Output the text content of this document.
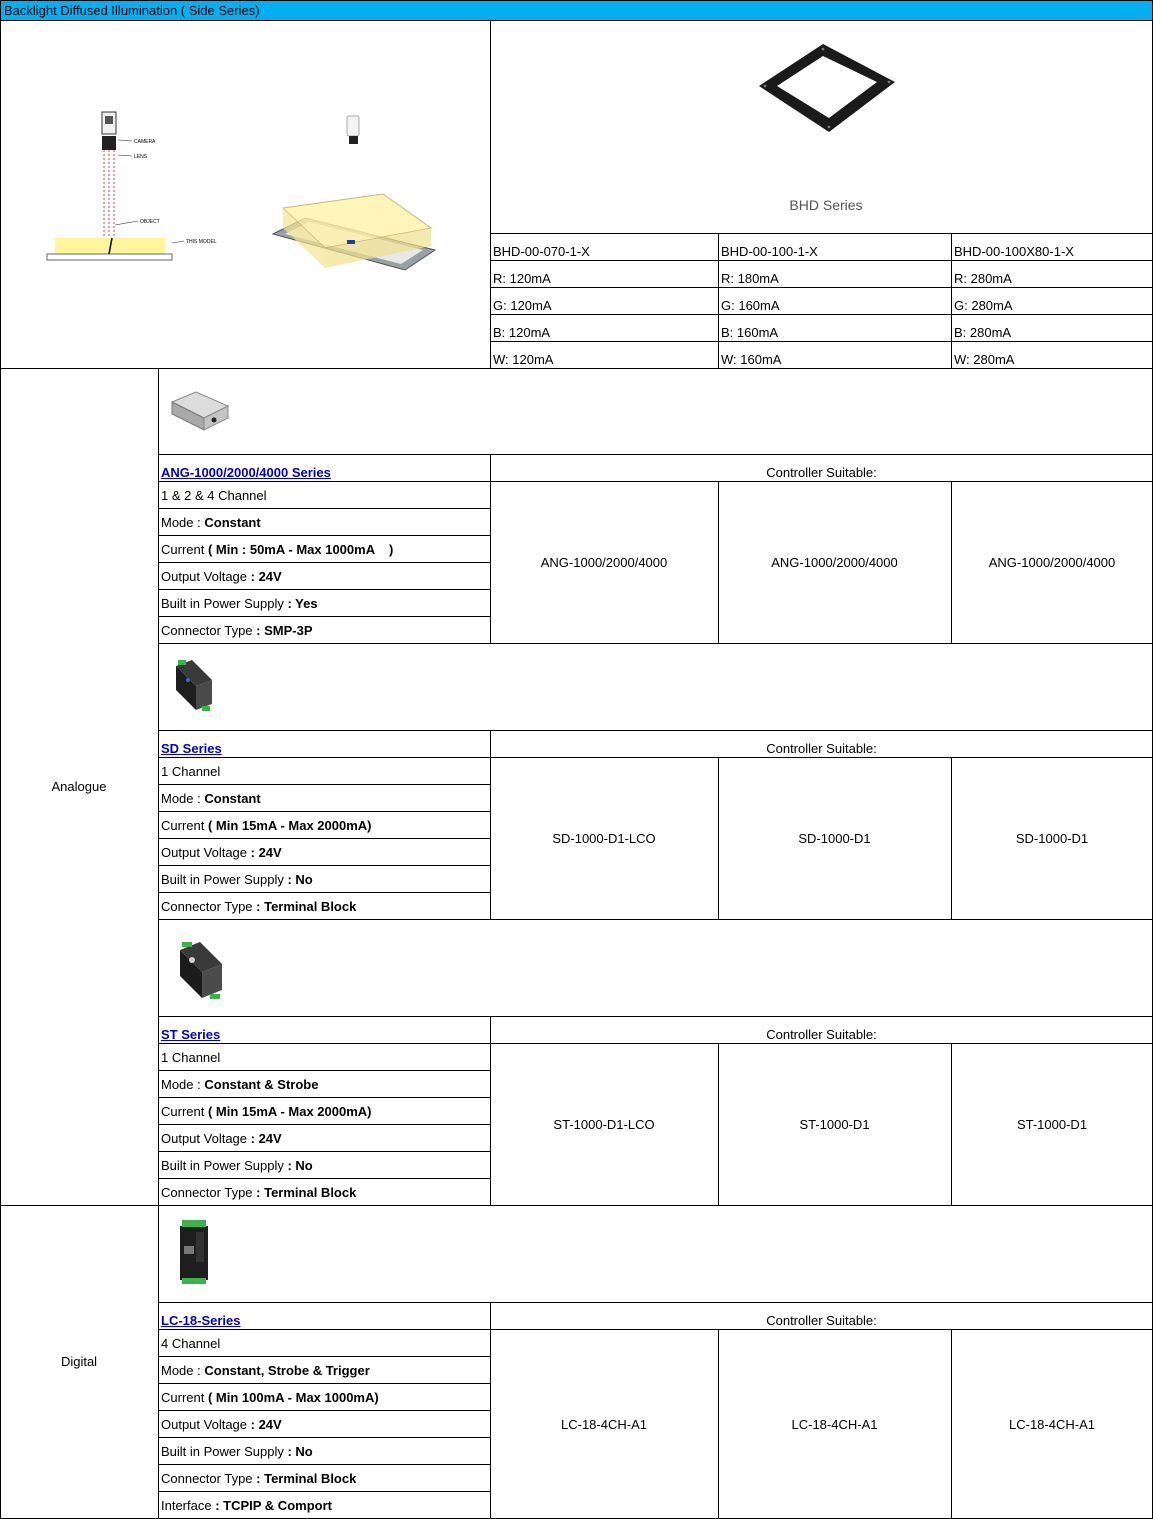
Backlight Diffused Illumination ( Side Series)
CAMERA
LENS
OBJECT
THIS MODEL
BHD Series
BHD-00-070-1-X	BHD-00-100-1-X	BHD-00-100X80-1-X
R: 120mA	R: 180mA	R: 280mA
G: 120mA	G: 160mA	G: 280mA
B: 120mA	B: 160mA	B: 280mA
W: 120mA	W: 160mA	W: 280mA
Analogue
Digital
ANG-1000/2000/4000 Series	Controller Suitable:
1 & 2 & 4 Channel
Mode : Constant
Current ( Min : 50mA - Max 1000mA    )
Output Voltage : 24V
Built in Power Supply : Yes
Connector Type : SMP-3P
ANG-1000/2000/4000	ANG-1000/2000/4000	ANG-1000/2000/4000
SD Series	Controller Suitable:
1 Channel
Mode : Constant
Current ( Min 15mA - Max 2000mA)
Output Voltage : 24V
Built in Power Supply : No
Connector Type : Terminal Block
SD-1000-D1-LCO	SD-1000-D1	SD-1000-D1
ST Series	Controller Suitable:
1 Channel
Mode : Constant & Strobe
Current ( Min 15mA - Max 2000mA)
Output Voltage : 24V
Built in Power Supply : No
Connector Type : Terminal Block
ST-1000-D1-LCO	ST-1000-D1	ST-1000-D1
LC-18-Series	Controller Suitable:
4 Channel
Mode : Constant, Strobe & Trigger
Current ( Min 100mA - Max 1000mA)
Output Voltage : 24V
Built in Power Supply : No
Connector Type : Terminal Block
Interface : TCPIP & Comport
LC-18-4CH-A1	LC-18-4CH-A1	LC-18-4CH-A1
